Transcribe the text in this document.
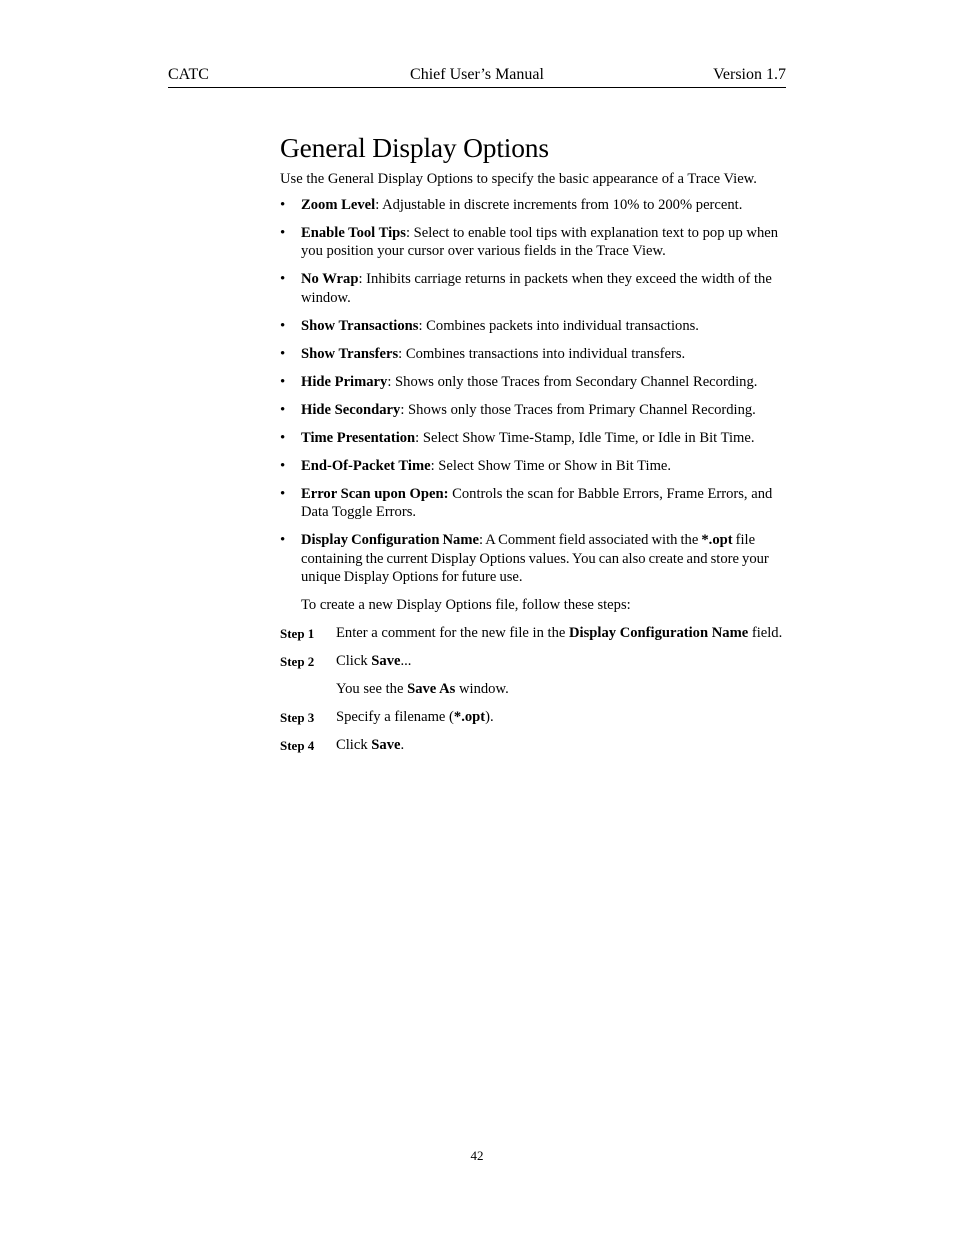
CATC	Chief User’s Manual	Version 1.7
General Display Options

Use the General Display Options to specify the basic appearance of a Trace View.

• Zoom Level: Adjustable in discrete increments from 10% to 200% percent.
• Enable Tool Tips: Select to enable tool tips with explanation text to pop up when you position your cursor over various fields in the Trace View.
• No Wrap: Inhibits carriage returns in packets when they exceed the width of the window.
• Show Transactions: Combines packets into individual transactions.
• Show Transfers: Combines transactions into individual transfers.
• Hide Primary: Shows only those Traces from Secondary Channel Recording.
• Hide Secondary: Shows only those Traces from Primary Channel Recording.
• Time Presentation: Select Show Time-Stamp, Idle Time, or Idle in Bit Time.
• End-Of-Packet Time: Select Show Time or Show in Bit Time.
• Error Scan upon Open: Controls the scan for Babble Errors, Frame Errors, and Data Toggle Errors.
• Display Configuration Name: A Comment field associated with the *.opt file containing the current Display Options values. You can also create and store your unique Display Options for future use.

To create a new Display Options file, follow these steps:

Step 1 Enter a comment for the new file in the Display Configuration Name field.
Step 2 Click Save...
You see the Save As window.
Step 3 Specify a filename (*.opt).
Step 4 Click Save.
42
